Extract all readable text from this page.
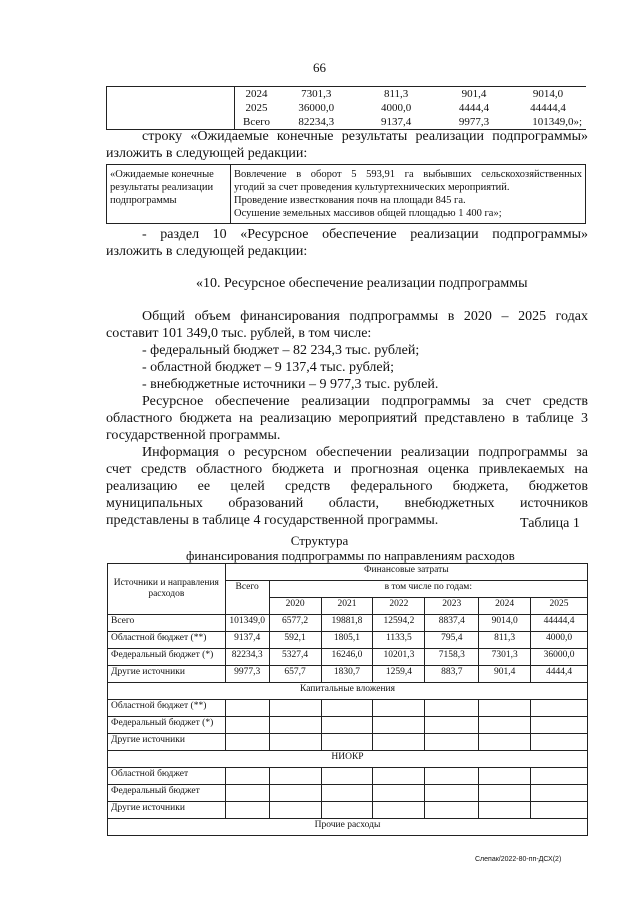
66
	2024	7301,3	811,3	901,4	9014,0
	2025	36000,0	4000,0	4444,4	44444,4
	Всего	82234,3	9137,4	9977,3	101349,0»;
строку «Ожидаемые конечные результаты реализации подпрограммы»
изложить в следующей редакции:
«Ожидаемые конечные результаты реализации подпрограммы	
Вовлечение в оборот 5 593,91 га выбывших сельскохозяйственных
угодий за счет проведения культуртехнических мероприятий.
Проведение известкования почв на площади 845 га.
Осушение земельных массивов общей площадью 1 400 га»;
- раздел 10 «Ресурсное обеспечение реализации подпрограммы»
изложить в следующей редакции:
«10. Ресурсное обеспечение реализации подпрограммы
Общий объем финансирования подпрограммы в 2020 – 2025 годах
составит 101 349,0 тыс. рублей, в том числе:
- федеральный бюджет – 82 234,3 тыс. рублей;
- областной бюджет – 9 137,4 тыс. рублей;
- внебюджетные источники – 9 977,3 тыс. рублей.
Ресурсное обеспечение реализации подпрограммы за счет средств
областного бюджета на реализацию мероприятий представлено в таблице 3
государственной программы.
Информация о ресурсном обеспечении реализации подпрограммы за
счет средств областного бюджета и прогнозная оценка привлекаемых на
реализацию ее целей средств федерального бюджета, бюджетов
муниципальных образований области, внебюджетных источников
представлены в таблице 4 государственной программы.	Таблица 1
Структура
финансирования подпрограммы по направлениям расходов
Источники и направления расходов	Финансовые затраты						
	Всего	в том числе по годам:					
		2020	2021	2022	2023	2024	2025
Всего	101349,0	6577,2	19881,8	12594,2	8837,4	9014,0	44444,4
Областной бюджет (**)	9137,4	592,1	1805,1	1133,5	795,4	811,3	4000,0
Федеральный бюджет (*)	82234,3	5327,4	16246,0	10201,3	7158,3	7301,3	36000,0
Другие источники	9977,3	657,7	1830,7	1259,4	883,7	901,4	4444,4
Капитальные вложения							
Областной бюджет (**)							
Федеральный бюджет (*)							
Другие источники							
НИОКР							
Областной бюджет							
Федеральный бюджет							
Другие источники							
Прочие расходы							
Слепак/2022-80-пп-ДСХ(2)
